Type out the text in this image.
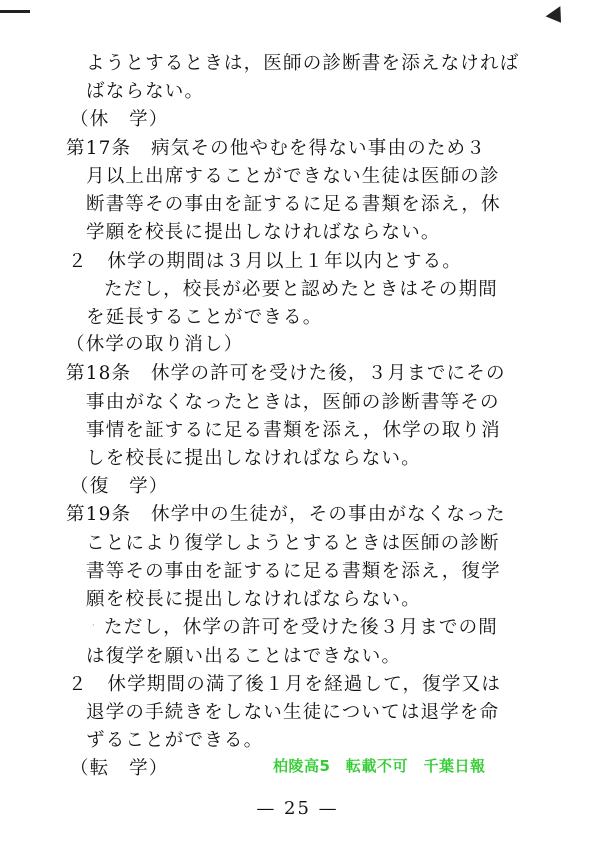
ようとするときは，医師の診断書を添えなければ
ばならない。
（休　学）
第17条　病気その他やむを得ない事由のため３
月以上出席することができない生徒は医師の診
断書等その事由を証するに足る書類を添え，休
学願を校長に提出しなければならない。
２　休学の期間は３月以上１年以内とする。
ただし，校長が必要と認めたときはその期間
を延長することができる。
（休学の取り消し）
第18条　休学の許可を受けた後，３月までにその
事由がなくなったときは，医師の診断書等その
事情を証するに足る書類を添え，休学の取り消
しを校長に提出しなければならない。
（復　学）
第19条　休学中の生徒が，その事由がなくなった
ことにより復学しようとするときは医師の診断
書等その事由を証するに足る書類を添え，復学
願を校長に提出しなければならない。
ただし，休学の許可を受けた後３月までの間
は復学を願い出ることはできない。
２　休学期間の満了後１月を経過して，復学又は
退学の手続きをしない生徒については退学を命
ずることができる。
（転　学）
·
柏陵高5　転載不可　千葉日報
— 25 —
